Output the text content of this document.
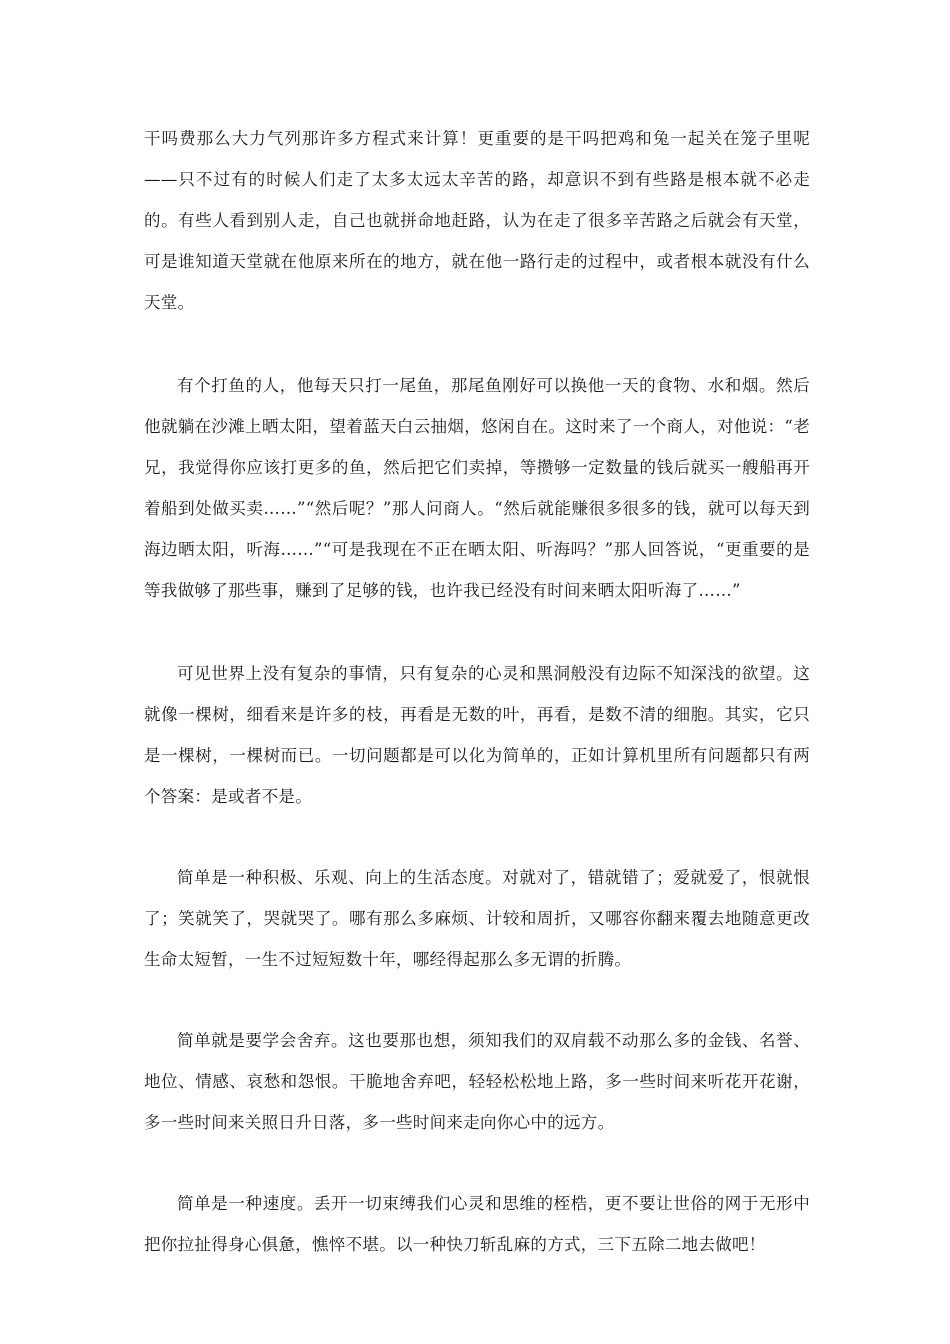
干吗费那么大力气列那许多方程式来计算！更重要的是干吗把鸡和兔一起关在笼子里呢——只不过有的时候人们走了太多太远太辛苦的路，却意识不到有些路是根本就不必走的。有些人看到别人走，自己也就拼命地赶路，认为在走了很多辛苦路之后就会有天堂，可是谁知道天堂就在他原来所在的地方，就在他一路行走的过程中，或者根本就没有什么天堂。

有个打鱼的人，他每天只打一尾鱼，那尾鱼刚好可以换他一天的食物、水和烟。然后他就躺在沙滩上晒太阳，望着蓝天白云抽烟，悠闲自在。这时来了一个商人，对他说：“老兄，我觉得你应该打更多的鱼，然后把它们卖掉，等攒够一定数量的钱后就买一艘船再开着船到处做买卖……”“然后呢？”那人问商人。“然后就能赚很多很多的钱，就可以每天到海边晒太阳，听海……”“可是我现在不正在晒太阳、听海吗？”那人回答说，“更重要的是等我做够了那些事，赚到了足够的钱，也许我已经没有时间来晒太阳听海了……”

可见世界上没有复杂的事情，只有复杂的心灵和黑洞般没有边际不知深浅的欲望。这就像一棵树，细看来是许多的枝，再看是无数的叶，再看，是数不清的细胞。其实，它只是一棵树，一棵树而已。一切问题都是可以化为简单的，正如计算机里所有问题都只有两个答案：是或者不是。

简单是一种积极、乐观、向上的生活态度。对就对了，错就错了；爱就爱了，恨就恨了；笑就笑了，哭就哭了。哪有那么多麻烦、计较和周折，又哪容你翻来覆去地随意更改生命太短暂，一生不过短短数十年，哪经得起那么多无谓的折腾。

简单就是要学会舍弃。这也要那也想，须知我们的双肩载不动那么多的金钱、名誉、地位、情感、哀愁和怨恨。干脆地舍弃吧，轻轻松松地上路，多一些时间来听花开花谢，多一些时间来关照日升日落，多一些时间来走向你心中的远方。

简单是一种速度。丢开一切束缚我们心灵和思维的桎梏，更不要让世俗的网于无形中把你拉扯得身心俱惫，憔悴不堪。以一种快刀斩乱麻的方式，三下五除二地去做吧！
